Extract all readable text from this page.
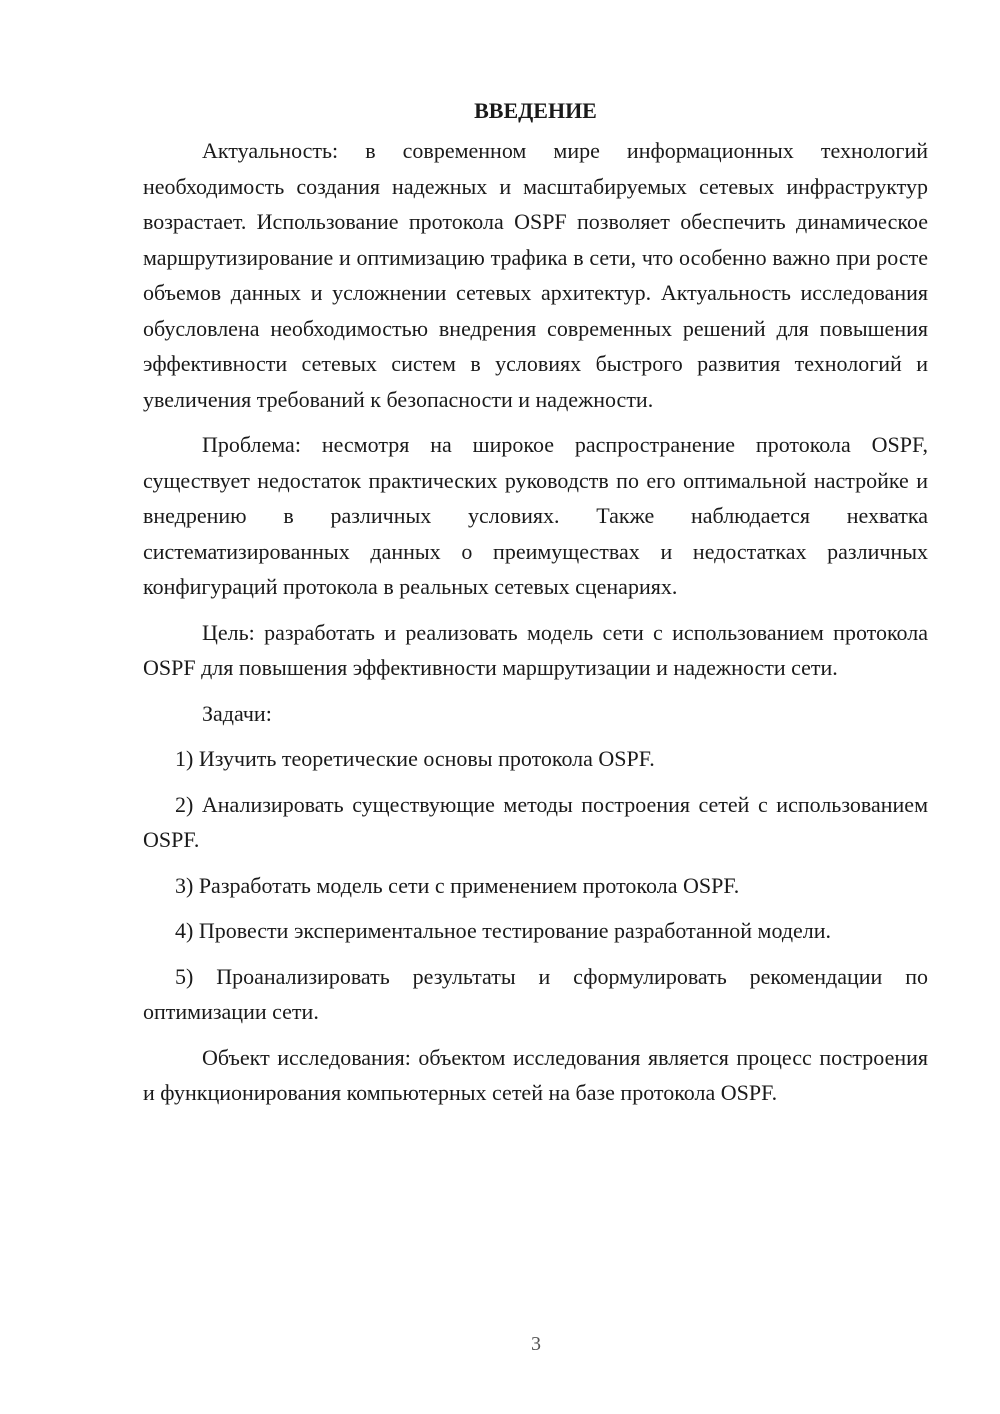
ВВЕДЕНИЕ

Актуальность: в современном мире информационных технологий необходимость создания надежных и масштабируемых сетевых инфраструктур возрастает. Использование протокола OSPF позволяет обеспечить динамическое маршрутизирование и оптимизацию трафика в сети, что особенно важно при росте объемов данных и усложнении сетевых архитектур. Актуальность исследования обусловлена необходимостью внедрения современных решений для повышения эффективности сетевых систем в условиях быстрого развития технологий и увеличения требований к безопасности и надежности.

Проблема: несмотря на широкое распространение протокола OSPF, существует недостаток практических руководств по его оптимальной настройке и внедрению в различных условиях. Также наблюдается нехватка систематизированных данных о преимуществах и недостатках различных конфигураций протокола в реальных сетевых сценариях.

Цель: разработать и реализовать модель сети с использованием протокола OSPF для повышения эффективности маршрутизации и надежности сети.

Задачи:

1) Изучить теоретические основы протокола OSPF.

2) Анализировать существующие методы построения сетей с использованием OSPF.

3) Разработать модель сети с применением протокола OSPF.

4) Провести экспериментальное тестирование разработанной модели.

5) Проанализировать результаты и сформулировать рекомендации по оптимизации сети.

Объект исследования: объектом исследования является процесс построения и функционирования компьютерных сетей на базе протокола OSPF.

3
